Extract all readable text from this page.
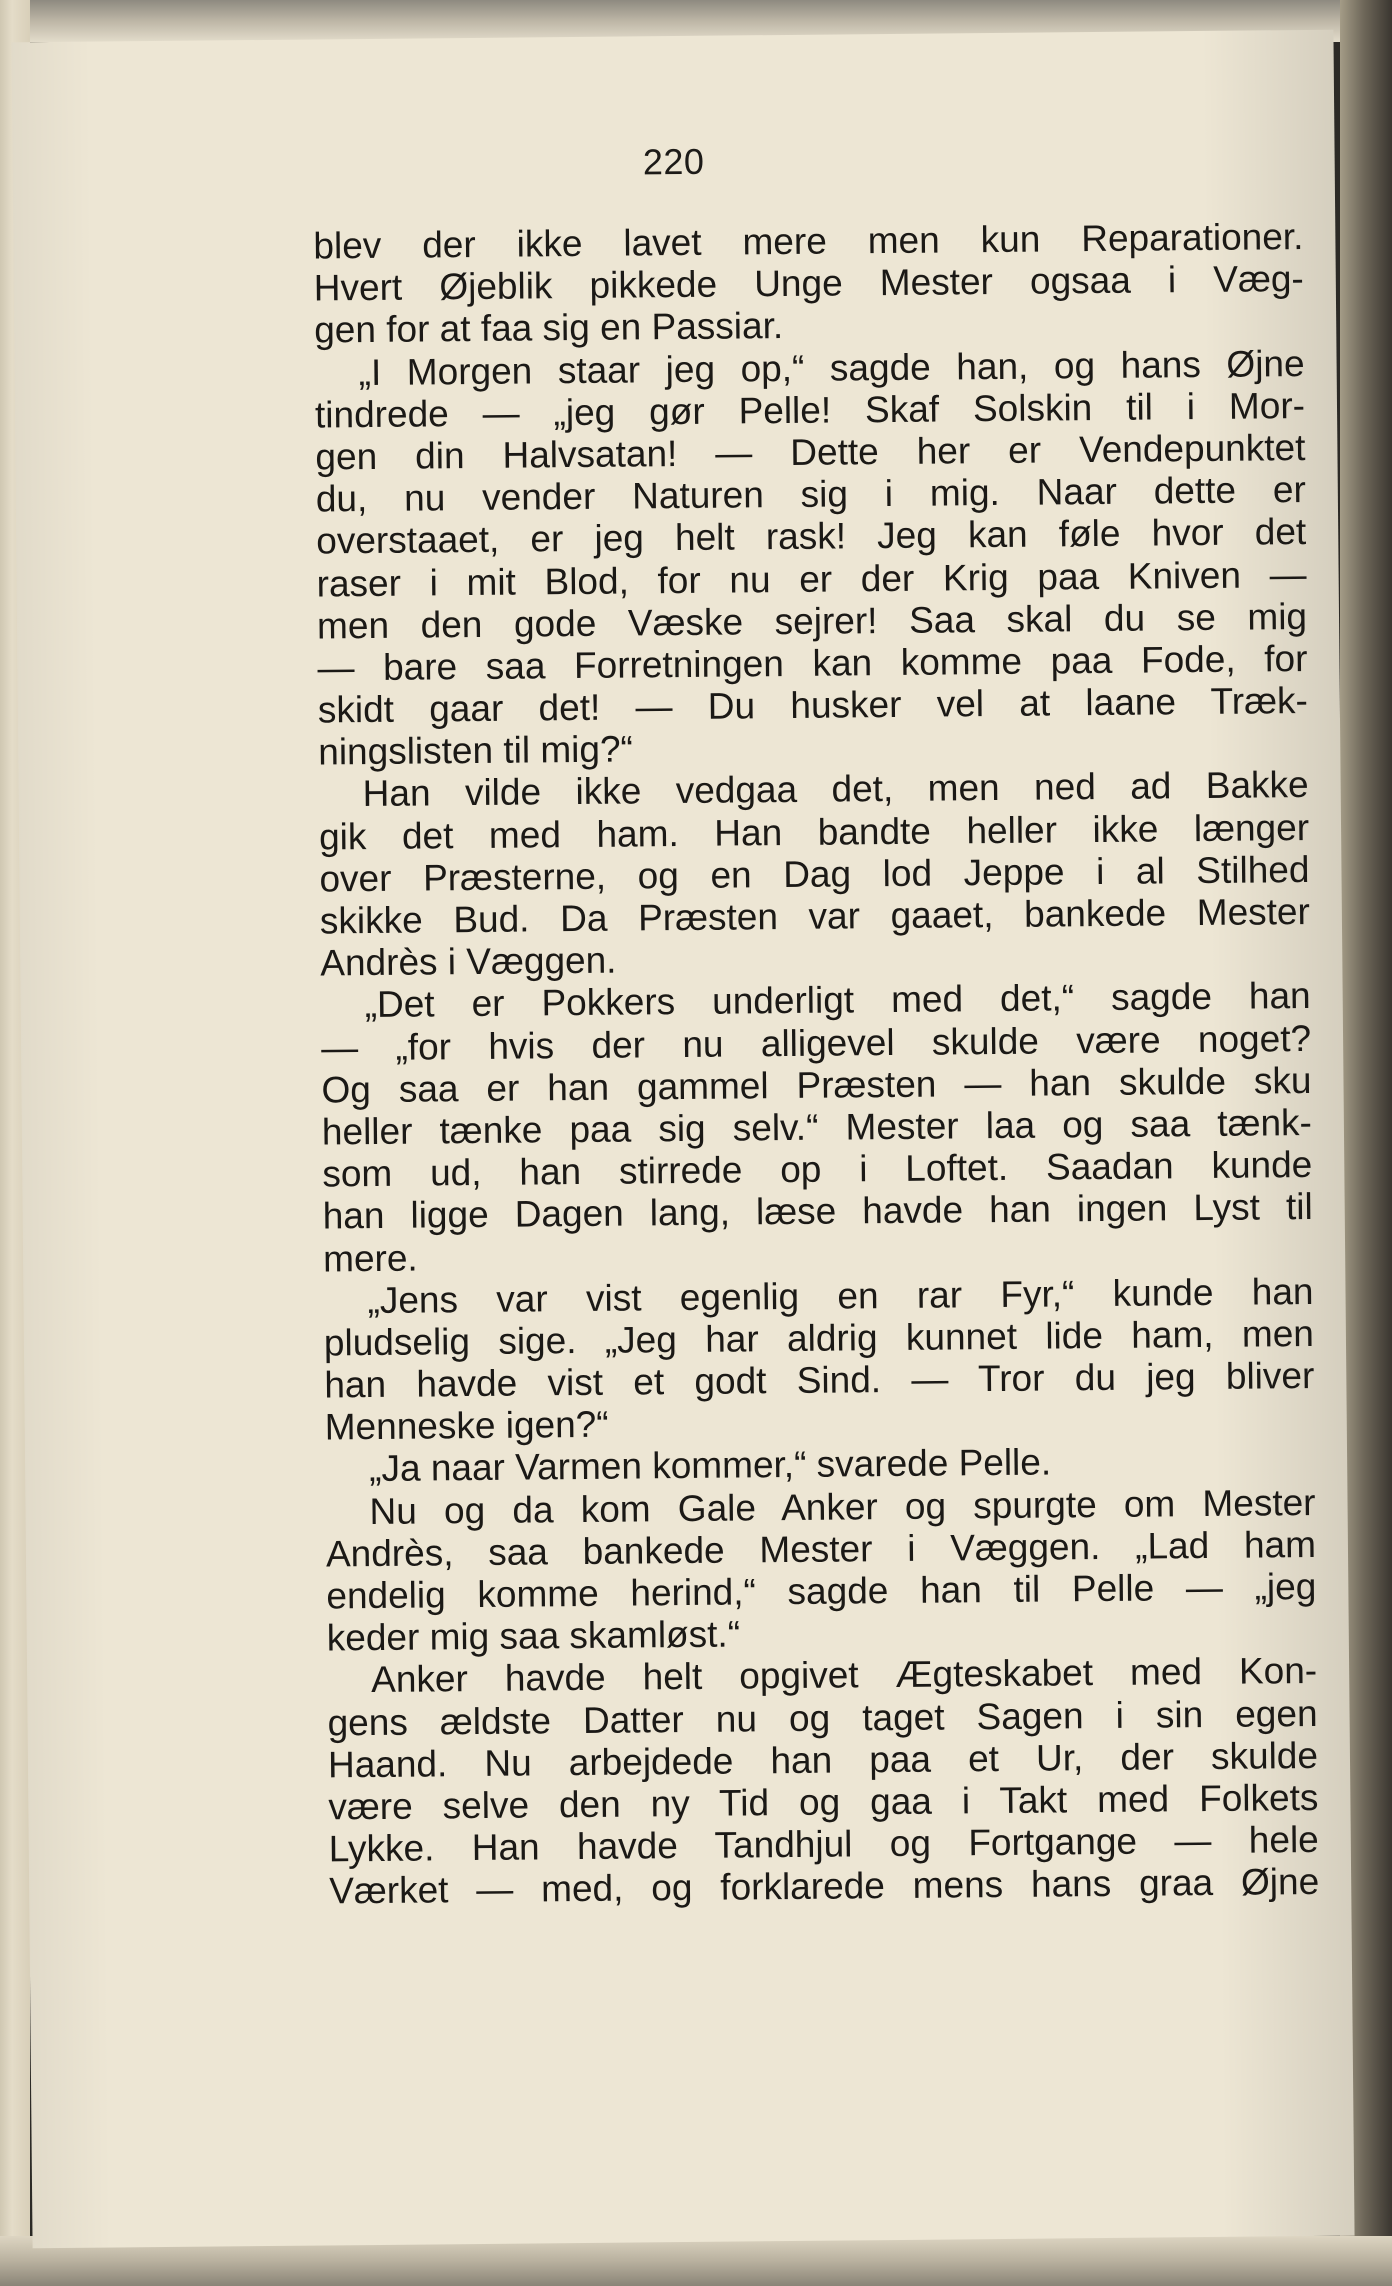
220
blev der ikke lavet mere men kun Reparationer.
Hvert Øjeblik pikkede Unge Mester ogsaa i Væg-
gen for at faa sig en Passiar.
„I Morgen staar jeg op,“ sagde han, og hans Øjne
tindrede — „jeg gør Pelle! Skaf Solskin til i Mor-
gen din Halvsatan! — Dette her er Vendepunktet
du, nu vender Naturen sig i mig. Naar dette er
overstaaet, er jeg helt rask! Jeg kan føle hvor det
raser i mit Blod, for nu er der Krig paa Kniven —
men den gode Væske sejrer! Saa skal du se mig
— bare saa Forretningen kan komme paa Fode, for
skidt gaar det! — Du husker vel at laane Træk-
ningslisten til mig?“
Han vilde ikke vedgaa det, men ned ad Bakke
gik det med ham. Han bandte heller ikke længer
over Præsterne, og en Dag lod Jeppe i al Stilhed
skikke Bud. Da Præsten var gaaet, bankede Mester
Andrès i Væggen.
„Det er Pokkers underligt med det,“ sagde han
— „for hvis der nu alligevel skulde være noget?
Og saa er han gammel Præsten — han skulde sku
heller tænke paa sig selv.“ Mester laa og saa tænk-
som ud, han stirrede op i Loftet. Saadan kunde
han ligge Dagen lang, læse havde han ingen Lyst til
mere.
„Jens var vist egenlig en rar Fyr,“ kunde han
pludselig sige. „Jeg har aldrig kunnet lide ham, men
han havde vist et godt Sind. — Tror du jeg bliver
Menneske igen?“
„Ja naar Varmen kommer,“ svarede Pelle.
Nu og da kom Gale Anker og spurgte om Mester
Andrès, saa bankede Mester i Væggen. „Lad ham
endelig komme herind,“ sagde han til Pelle — „jeg
keder mig saa skamløst.“
Anker havde helt opgivet Ægteskabet med Kon-
gens ældste Datter nu og taget Sagen i sin egen
Haand. Nu arbejdede han paa et Ur, der skulde
være selve den ny Tid og gaa i Takt med Folkets
Lykke. Han havde Tandhjul og Fortgange — hele
Værket — med, og forklarede mens hans graa Øjne
